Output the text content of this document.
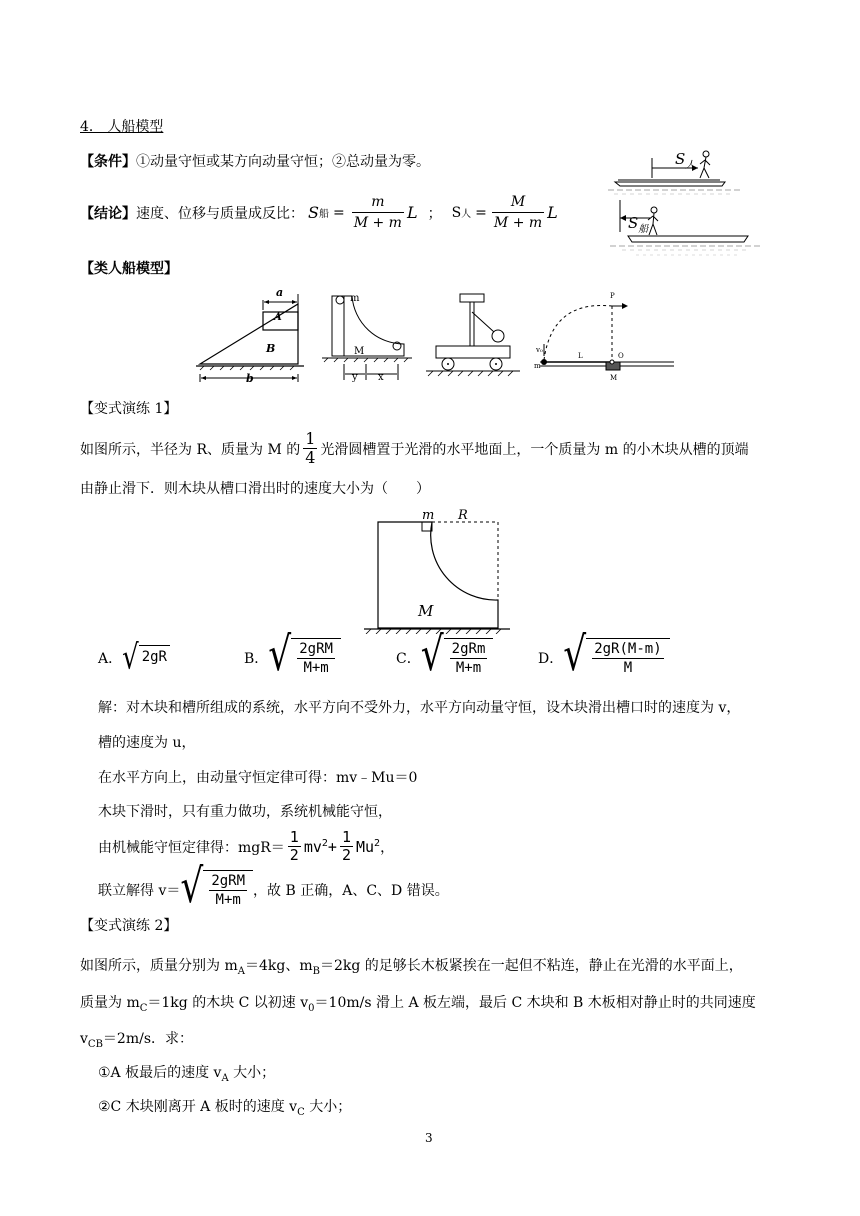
4． 人船模型
【条件】①动量守恒或某方向动量守恒；②总动量为零。
【结论】 速度、位移与质量成反比： S 船 = $\frac{m}{M + m}$ L ； S 人 = $\frac{M}{M + m}$ L
$S_人$
$S_船$
【类人船模型】
a
A
B
b
m
M
y x
v₀
m
L	O
M
P
【变式演练 1】
如图所示，半径为 R、质量为 M 的 $\frac{1}{4}$ 光滑圆槽置于光滑的水平地面上，一个质量为 m 的小木块从槽的顶端
由静止滑下．则木块从槽口滑出时的速度大小为（　　）
m R
M
A． √ 2gR	B． √ $\frac{\text{2gRM}}{M+m}$	C． √ $\frac{\text{2gRm}}{M+m}$	D． √ $\frac{2gR(M-m)}{M}$
解：对木块和槽所组成的系统，水平方向不受外力，水平方向动量守恒，设木块滑出槽口时的速度为 v，
槽的速度为 u，
在水平方向上，由动量守恒定律可得：mv﹣Mu＝0
木块下滑时，只有重力做功，系统机械能守恒，
由机械能守恒定律得：$mgR= \frac{1}{2} mv^2 + \frac{1}{2} Mu^2$ ，
联立解得 v＝ √ $\frac{\text{2gRM}}{M+m}$ ，故 B 正确，A、C、D 错误。
【变式演练 2】
如图所示，质量分别为 $m_A=4kg$、$m_B=2kg$ 的足够长木板紧挨在一起但不粘连，静止在光滑的水平面上，
质量为 $m_C=1kg$ 的木块 C 以初速 $v_0=10m/s$ 滑上 A 板左端，最后 C 木块和 B 木板相对静止时的共同速度
$v_{CB}=2m/s$．求：
①A 板最后的速度 $v_A$ 大小；
②C 木块刚离开 A 板时的速度 $v_C$ 大小；
3
